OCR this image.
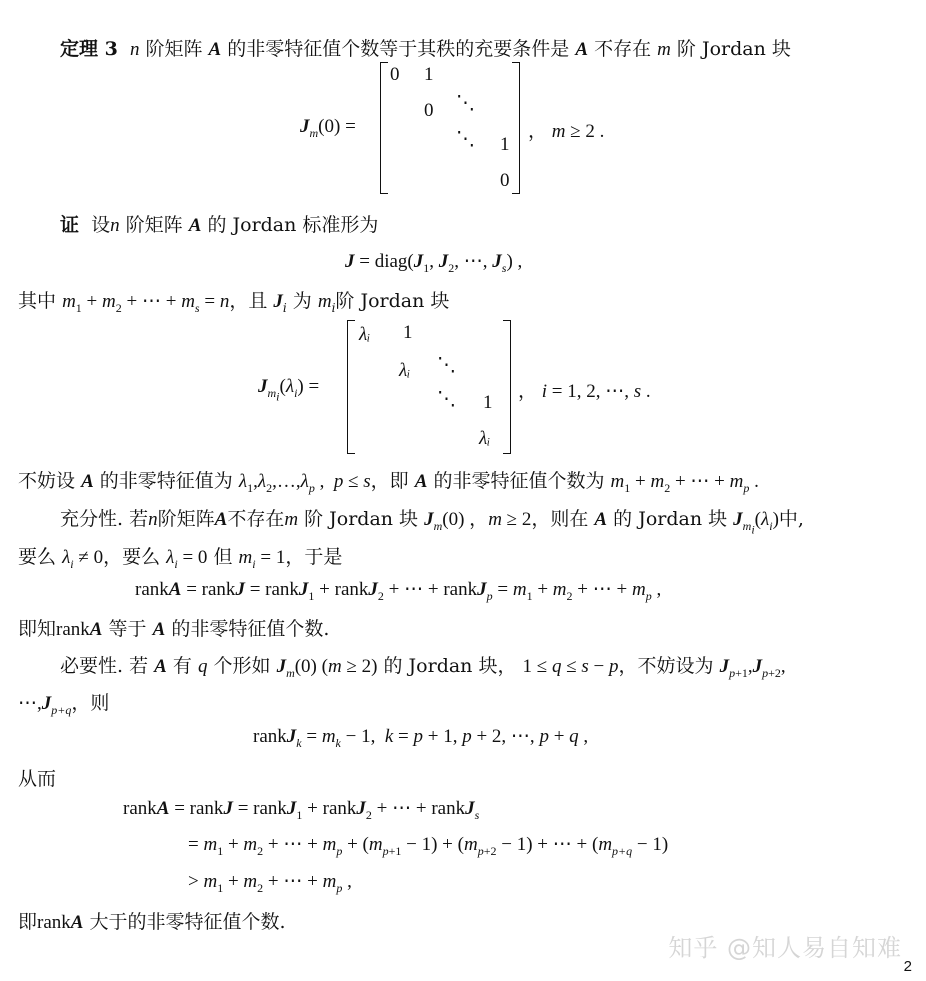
定理 3 n 阶矩阵 A 的非零特征值个数等于其秩的充要条件是 A 不存在 m 阶 Jordan 块
$J_m(0)$ =
0 1
0 ⋱
⋱ 1
0
， m ≥ 2 .
证 设n 阶矩阵 A 的 Jordan 标准形为
$J = diag(J_1$, $J_2$, ⋯, $J_s$) ,
其中 $m_1 + m_2$ + ⋯ + $m_s = n$，且 $J_i$ 为 $m_i$阶 Jordan 块
$J_{m_i}(\lambda_i)$ =
λᵢ 1
λᵢ ⋱
⋱ 1
λᵢ
， i = 1, 2, ⋯, s .
不妨设 A 的非零特征值为 $\lambda_1,\lambda_2,\dots,\lambda_p$ ,  p ≤ s，即 A 的非零特征值个数为 $m_1 + m_2$ + ⋯ + $m_p$ .
充分性. 若n阶矩阵A不存在m 阶 Jordan 块 $J_m(0)$ ，m ≥ 2，则在 A 的 Jordan 块 $J_{m_i}(\lambda_i)$中,
要么 $\lambda_i \ne 0$，要么 $\lambda_i = 0$ 但 $m_i = 1$，于是
rankA = rankJ = rankJ$_1$ + rankJ$_2$ + ⋯ + rankJ$_p$ = $m_1 + m_2$ + ⋯ + $m_p$ ,
即知rankA 等于 A 的非零特征值个数.
必要性. 若 A 有 q 个形如 $J_m(0) (m \ge 2)$ 的 Jordan 块， 1 ≤ q ≤ s − p，不妨设为 $J_{p+1},J_{p+2}$,
$\cdots,J_{p+q}$，则
rankJ$_k$ = $m_k - 1$,  k = p + 1, p + 2, ⋯, p + q ,
从而
rankA = rankJ = rankJ$_1$ + rankJ$_2$ + ⋯ + rankJ$_s$
= $m_1 + m_2$ + ⋯ + $m_p + (m_{p+1} - 1) + (m_{p+2} - 1)$ + ⋯ + $(m_{p+q} - 1)$
> $m_1 + m_2$ + ⋯ + $m_p$ ,
即rankA 大于的非零特征值个数.
知乎 @知人易自知难
2
